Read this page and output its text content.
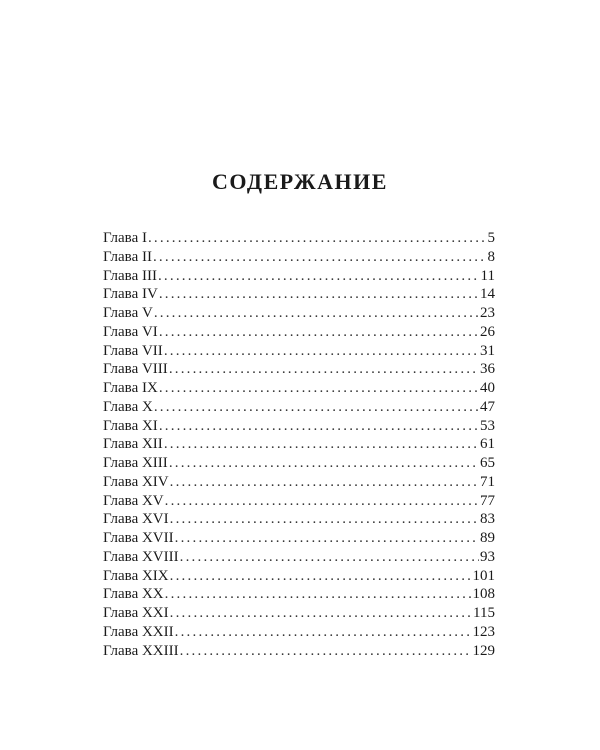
СОДЕРЖАНИЕ
Глава I .....	5
Глава II .....	8
Глава III .....	11
Глава IV .....	14
Глава V .....	23
Глава VI .....	26
Глава VII .....	31
Глава VIII .....	36
Глава IX .....	40
Глава X .....	47
Глава XI .....	53
Глава XII .....	61
Глава XIII .....	65
Глава XIV .....	71
Глава XV .....	77
Глава XVI .....	83
Глава XVII .....	89
Глава XVIII .....	93
Глава XIX .....	101
Глава XX .....	108
Глава XXI .....	115
Глава XXII .....	123
Глава XXIII .....	129
